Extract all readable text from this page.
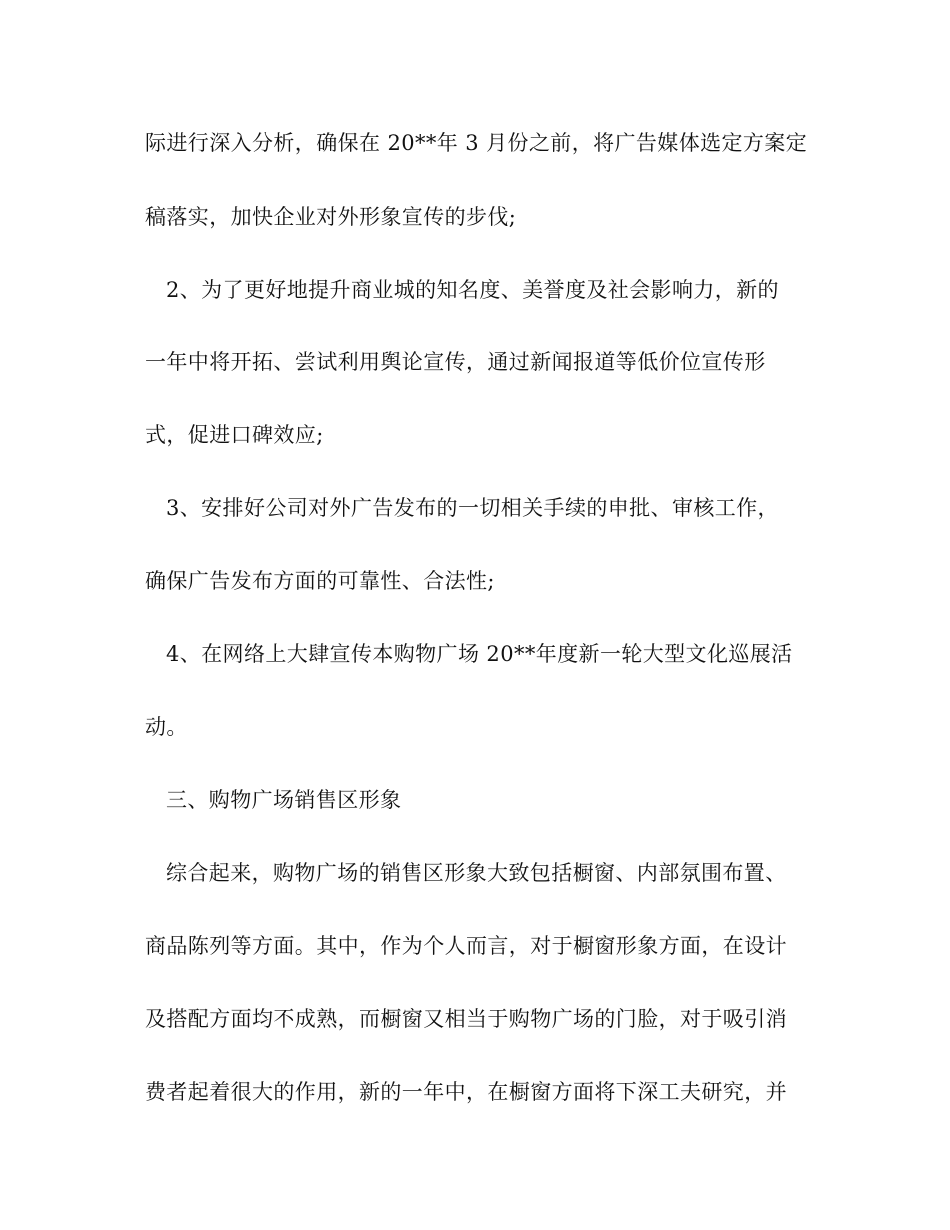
际进行深入分析，确保在 20**年 3 月份之前，将广告媒体选定方案定
稿落实，加快企业对外形象宣传的步伐;
2、为了更好地提升商业城的知名度、美誉度及社会影响力，新的
一年中将开拓、尝试利用舆论宣传，通过新闻报道等低价位宣传形
式，促进口碑效应;
3、安排好公司对外广告发布的一切相关手续的申批、审核工作，
确保广告发布方面的可靠性、合法性;
4、在网络上大肆宣传本购物广场 20**年度新一轮大型文化巡展活
动。
三、购物广场销售区形象
综合起来，购物广场的销售区形象大致包括橱窗、内部氛围布置、
商品陈列等方面。其中，作为个人而言，对于橱窗形象方面，在设计
及搭配方面均不成熟，而橱窗又相当于购物广场的门脸，对于吸引消
费者起着很大的作用，新的一年中，在橱窗方面将下深工夫研究，并
